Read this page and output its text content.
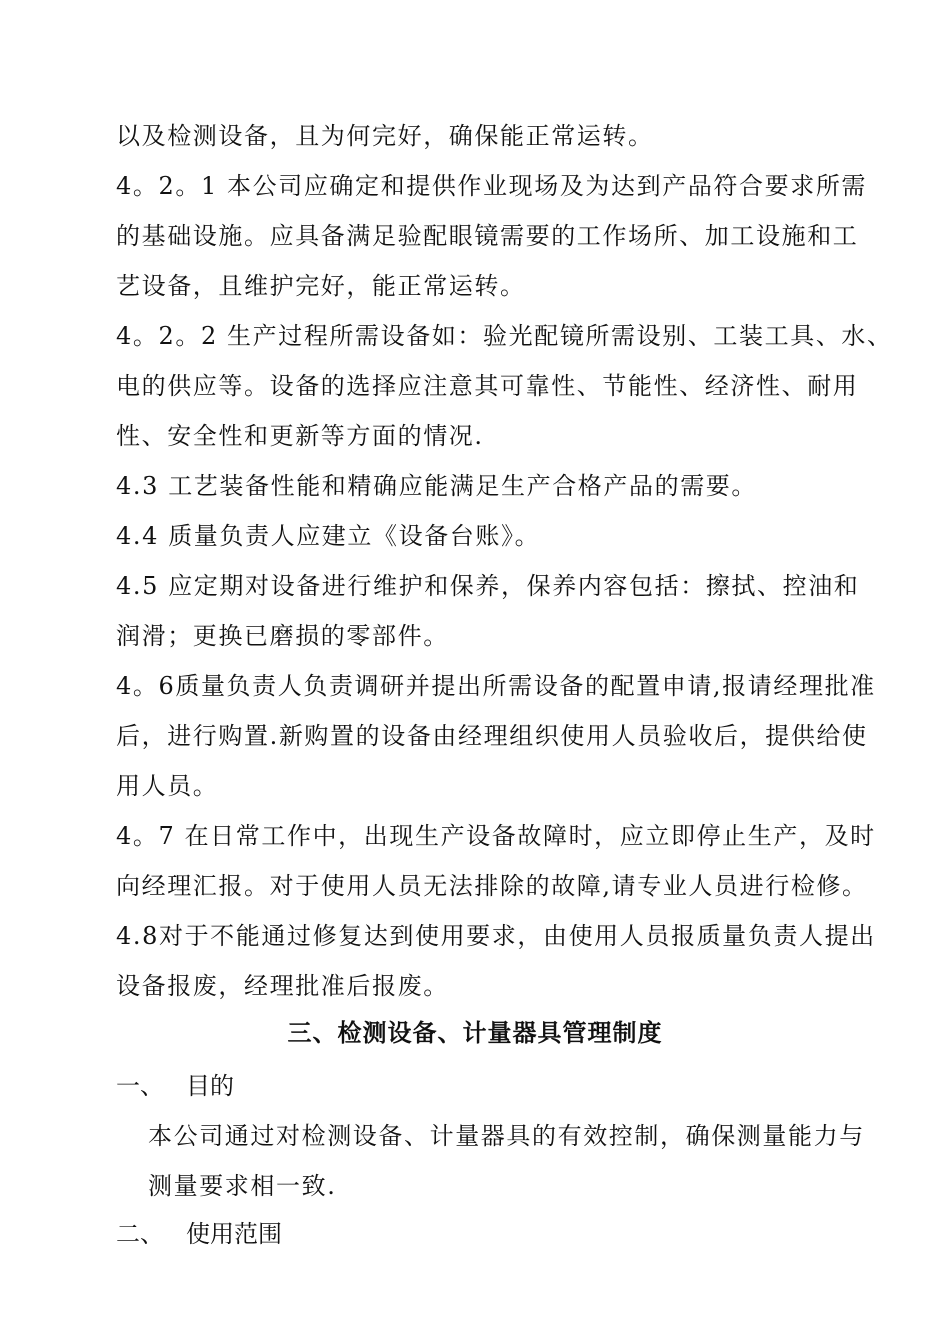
以及检测设备，且为何完好，确保能正常运转。
4。2。1 本公司应确定和提供作业现场及为达到产品符合要求所需
的基础设施。应具备满足验配眼镜需要的工作场所、加工设施和工
艺设备，且维护完好，能正常运转。
4。2。2 生产过程所需设备如：验光配镜所需设别、工装工具、水、
电的供应等。设备的选择应注意其可靠性、节能性、经济性、耐用
性、安全性和更新等方面的情况.
4.3 工艺装备性能和精确应能满足生产合格产品的需要。
4.4 质量负责人应建立《设备台账》。
4.5 应定期对设备进行维护和保养，保养内容包括：擦拭、控油和
润滑；更换已磨损的零部件。
4。6质量负责人负责调研并提出所需设备的配置申请,报请经理批准
后，进行购置.新购置的设备由经理组织使用人员验收后，提供给使
用人员。
4。7 在日常工作中，出现生产设备故障时，应立即停止生产，及时
向经理汇报。对于使用人员无法排除的故障,请专业人员进行检修。
4.8对于不能通过修复达到使用要求，由使用人员报质量负责人提出
设备报废，经理批准后报废。
三、检测设备、计量器具管理制度
一、 目的
本公司通过对检测设备、计量器具的有效控制，确保测量能力与
测量要求相一致.
二、 使用范围
